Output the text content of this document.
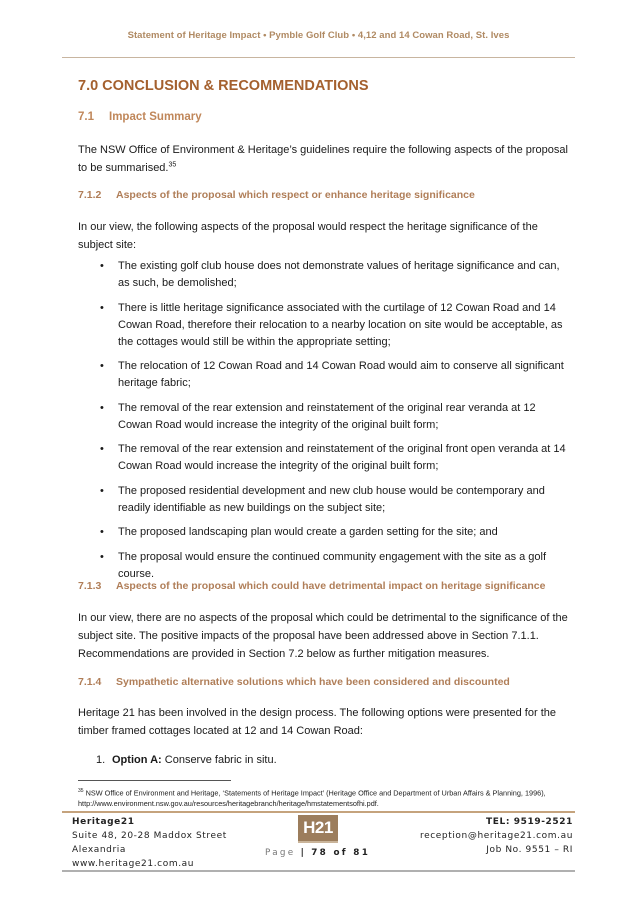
Statement of Heritage Impact • Pymble Golf Club • 4,12 and 14 Cowan Road, St. Ives
7.0 CONCLUSION & RECOMMENDATIONS
7.1 Impact Summary
The NSW Office of Environment & Heritage’s guidelines require the following aspects of the proposal to be summarised.$^{35}$
7.1.2 Aspects of the proposal which respect or enhance heritage significance
In our view, the following aspects of the proposal would respect the heritage significance of the subject site:
• The existing golf club house does not demonstrate values of heritage significance and can, as such, be demolished;
• There is little heritage significance associated with the curtilage of 12 Cowan Road and 14 Cowan Road, therefore their relocation to a nearby location on site would be acceptable, as the cottages would still be within the appropriate setting;
• The relocation of 12 Cowan Road and 14 Cowan Road would aim to conserve all significant heritage fabric;
• The removal of the rear extension and reinstatement of the original rear veranda at 12 Cowan Road would increase the integrity of the original built form;
• The removal of the rear extension and reinstatement of the original front open veranda at 14 Cowan Road would increase the integrity of the original built form;
• The proposed residential development and new club house would be contemporary and readily identifiable as new buildings on the subject site;
• The proposed landscaping plan would create a garden setting for the site; and
• The proposal would ensure the continued community engagement with the site as a golf course.
7.1.3 Aspects of the proposal which could have detrimental impact on heritage significance
In our view, there are no aspects of the proposal which could be detrimental to the significance of the subject site. The positive impacts of the proposal have been addressed above in Section 7.1.1. Recommendations are provided in Section 7.2 below as further mitigation measures.
7.1.4 Sympathetic alternative solutions which have been considered and discounted
Heritage 21 has been involved in the design process. The following options were presented for the timber framed cottages located at 12 and 14 Cowan Road:
1. Option A: Conserve fabric in situ.
$^{35}$ NSW Office of Environment and Heritage, ‘Statements of Heritage Impact’ (Heritage Office and Department of Urban Affairs & Planning, 1996), http://www.environment.nsw.gov.au/resources/heritagebranch/heritage/hmstatementsofhi.pdf.
Heritage21
Suite 48, 20-28 Maddox Street
Alexandria
www.heritage21.com.au
H21
Page | 78 of 81
TEL: 9519-2521
reception@heritage21.com.au
Job No. 9551 – RI
